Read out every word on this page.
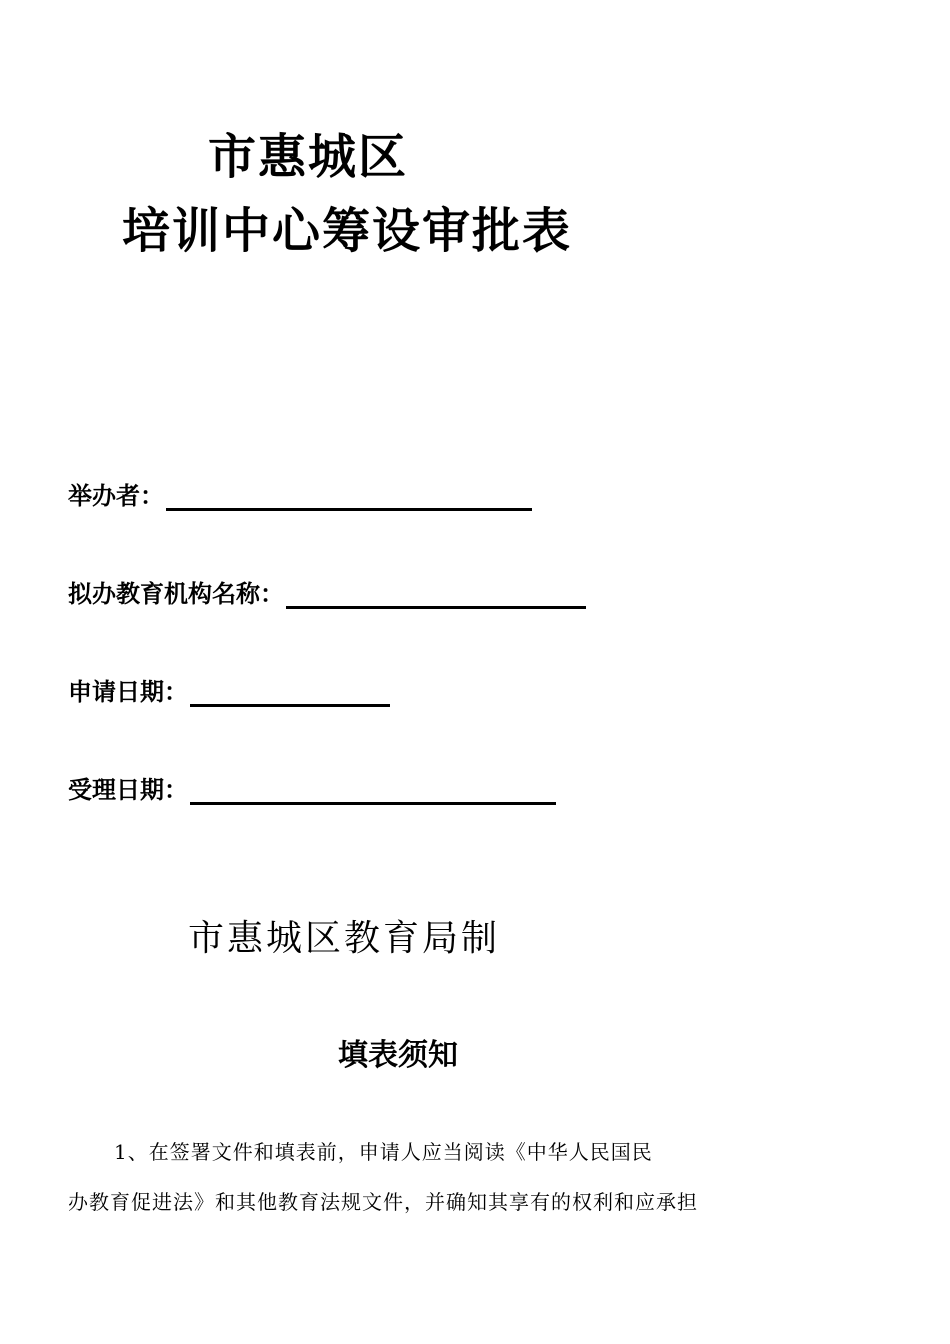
市惠城区
培训中心筹设审批表
举办者：
拟办教育机构名称：
申请日期：
受理日期：
市惠城区教育局制
填表须知
1、在签署文件和填表前，申请人应当阅读《中华人民国民
办教育促进法》和其他教育法规文件，并确知其享有的权利和应承担
